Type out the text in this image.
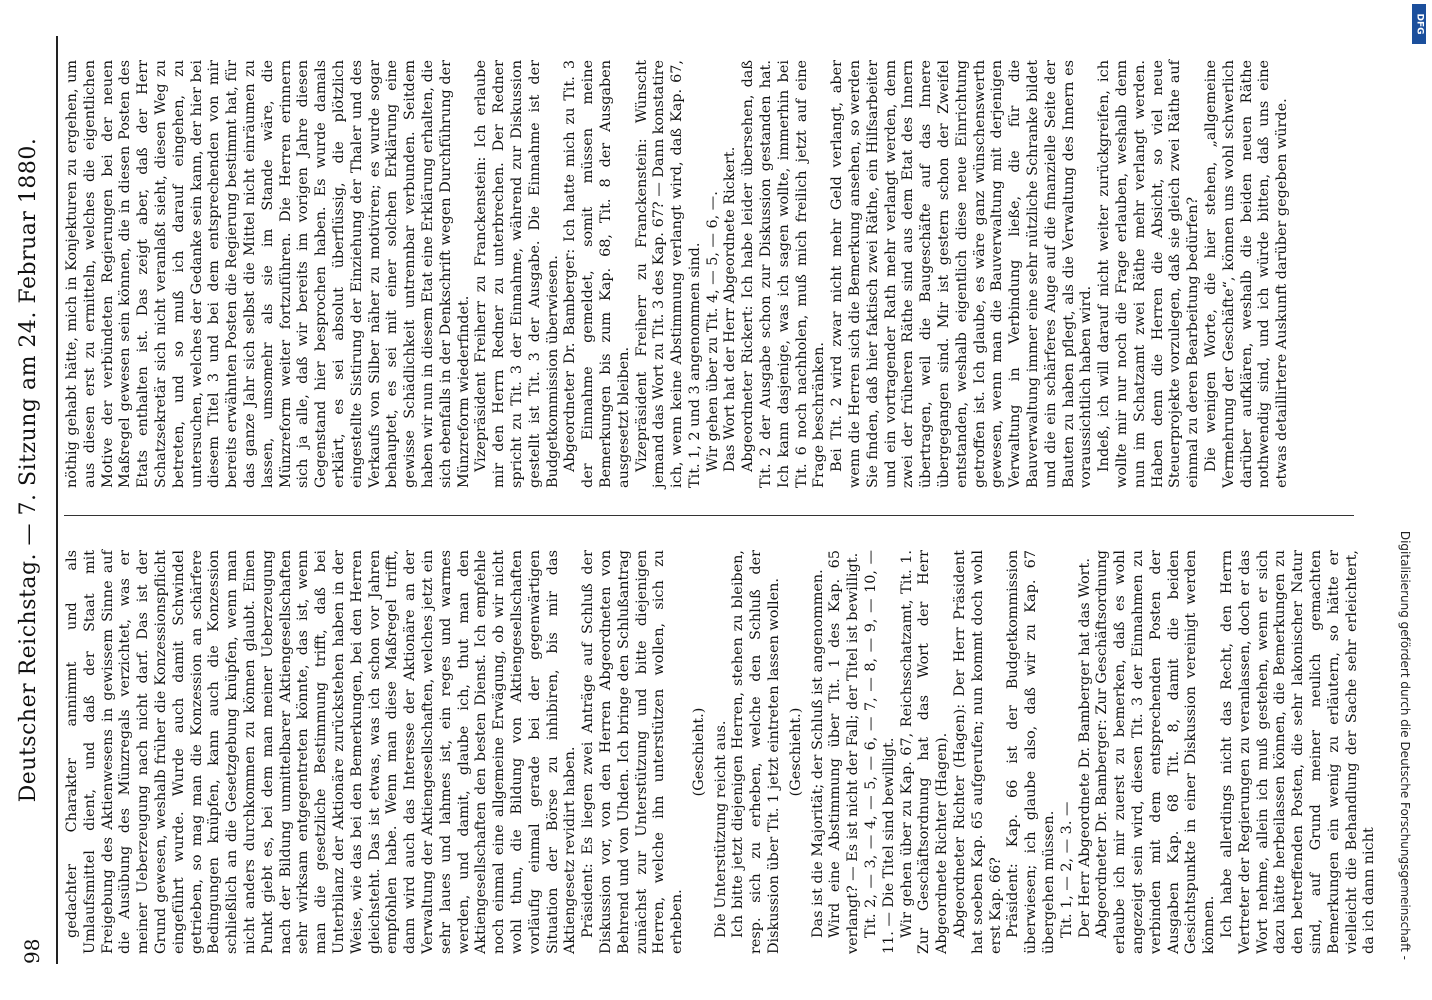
98
Deutscher Reichstag. — 7. Sitzung am 24. Februar 1880. gedachter Charakter annimmt und als Umlaufsmittel dient, und daß der Staat mit Freigebung des Aktienwesens in gewissem Sinne auf die Ausübung des Münzregals verzichtet, was er meiner Ueberzeugung nach nicht darf. Das ist der Grund gewesen, weshalb früher die Konzessionspflicht eingeführt wurde. Wurde auch damit Schwindel getrieben, so mag man die Konzession an schärfere Bedingungen knüpfen, kann auch die Konzession schließlich an die Gesetzgebung knüpfen, wenn man nicht anders durchkommen zu können glaubt. Einen Punkt giebt es, bei dem man meiner Ueberzeugung nach der Bildung unmittelbarer Aktiengesellschaften sehr wirksam entgegentreten könnte, das ist, wenn man die gesetzliche Bestimmung trifft, daß bei Unterbilanz der Aktionäre zurückstehen haben in der Weise, wie das bei den Bemerkungen, bei den Herren gleichsteht. Das ist etwas, was ich schon vor Jahren empfohlen habe. Wenn man diese Maßregel trifft, dann wird auch das Interesse der Aktionäre an der Verwaltung der Aktiengesellschaften, welches jetzt ein sehr laues und lahmes ist, ein reges und warmes werden, und damit, glaube ich, thut man den Aktiengesellschaften den besten Dienst. Ich empfehle noch einmal eine allgemeine Erwägung, ob wir nicht wohl thun, die Bildung von Aktiengesellschaften vorläufig einmal gerade bei der gegenwärtigen Situation der Börse zu inhibiren, bis mir das Aktiengesetz revidirt haben. Präsident: Es liegen zwei Anträge auf Schluß der Diskussion vor, von den Herren Abgeordneten von Behrend und von Uhden. Ich bringe den Schlußantrag zunächst zur Unterstützung und bitte diejenigen Herren, welche ihn unterstützen wollen, sich zu erheben.

(Geschieht.) Die Unterstützung reicht aus. Ich bitte jetzt diejenigen Herren, stehen zu bleiben, resp. sich zu erheben, welche den Schluß der Diskussion über Tit. 1 jetzt eintreten lassen wollen. (Geschieht.) Das ist die Majorität; der Schluß ist angenommen. Wird eine Abstimmung über Tit. 1 des Kap. 65 verlangt? — Es ist nicht der Fall; der Titel ist bewilligt. Tit. 2, — 3, — 4, — 5, — 6, — 7, — 8, — 9, — 10, — 11. — Die Titel sind bewilligt. Wir gehen über zu Kap. 67, Reichsschatzamt, Tit. 1. Zur Geschäftsordnung hat das Wort der Herr Abgeordnete Richter (Hagen). Abgeordneter Richter (Hagen): Der Herr Präsident hat soeben Kap. 65 aufgerufen; nun kommt doch wohl erst Kap. 66? Präsident: Kap. 66 ist der Budgetkommission überwiesen; ich glaube also, daß wir zu Kap. 67 übergehen müssen. Tit. 1, — 2, — 3. — Der Herr Abgeordnete Dr. Bamberger hat das Wort. Abgeordneter Dr. Bamberger: Zur Geschäftsordnung erlaube ich mir zuerst zu bemerken, daß es wohl angezeigt sein wird, diesen Tit. 3 der Einnahmen zu verbinden mit dem entsprechenden Posten der Ausgaben Kap. 68 Tit. 8, damit die beiden Gesichtspunkte in einer Diskussion vereinigt werden können. Ich habe allerdings nicht das Recht, den Herrn Vertreter der Regierungen zu veranlassen, doch er das Wort nehme, allein ich muß gestehen, wenn er sich dazu hätte herbeilassen können, die Bemerkungen zu den betreffenden Posten, die sehr lakonischer Natur sind, auf Grund meiner neulich gemachten Bemerkungen ein wenig zu erläutern, so hätte er vielleicht die Behandlung der Sache sehr erleichtert, da ich dann nicht

nöthig gehabt hätte, mich in Konjekturen zu ergehen, um aus diesen erst zu ermitteln, welches die eigentlichen Motive der verbündeten Regierungen bei der neuen Maßregel gewesen sein können, die in diesen Posten des Etats enthalten ist. Das zeigt aber, daß der Herr Schatzsekretär sich nicht veranlaßt sieht, diesen Weg zu betreten, und so muß ich darauf eingehen, zu untersuchen, welches der Gedanke sein kann, der hier bei diesem Titel 3 und bei dem entsprechenden von mir bereits erwähnten Posten die Regierung bestimmt hat, für das ganze Jahr sich selbst die Mittel nicht einräumen zu lassen, umsomehr als sie im Stande wäre, die Münzreform weiter fortzuführen. Die Herren erinnern sich ja alle, daß wir bereits im vorigen Jahre diesen Gegenstand hier besprochen haben. Es wurde damals erklärt, es sei absolut überflüssig, die plötzlich eingestellte Sistirung der Einziehung der Thaler und des Verkaufs von Silber näher zu motiviren; es wurde sogar behauptet, es sei mit einer solchen Erklärung eine gewisse Schädlichkeit untrennbar verbunden. Seitdem haben wir nun in diesem Etat eine Erklärung erhalten, die sich ebenfalls in der Denkschrift wegen Durchführung der Münzreform wiederfindet. Vizepräsident Freiherr zu Franckenstein: Ich erlaube mir den Herrn Redner zu unterbrechen. Der Redner spricht zu Tit. 3 der Einnahme, während zur Diskussion gestellt ist Tit. 3 der Ausgabe. Die Einnahme ist der Budgetkommission überwiesen. Abgeordneter Dr. Bamberger: Ich hatte mich zu Tit. 3 der Einnahme gemeldet, somit müssen meine Bemerkungen bis zum Kap. 68, Tit. 8 der Ausgaben ausgesetzt bleiben. Vizepräsident Freiherr zu Franckenstein: Wünscht jemand das Wort zu Tit. 3 des Kap. 67? — Dann konstatire ich, wenn keine Abstimmung verlangt wird, daß Kap. 67, Tit. 1, 2 und 3 angenommen sind. Wir gehen über zu Tit. 4, — 5, — 6, —. Das Wort hat der Herr Abgeordnete Rickert. Abgeordneter Rickert: Ich habe leider übersehen, daß Tit. 2 der Ausgabe schon zur Diskussion gestanden hat. Ich kann dasjenige, was ich sagen wollte, immerhin bei Tit. 6 noch nachholen, muß mich freilich jetzt auf eine Frage beschränken. Bei Tit. 2 wird zwar nicht mehr Geld verlangt, aber wenn die Herren sich die Bemerkung ansehen, so werden Sie finden, daß hier faktisch zwei Räthe, ein Hilfsarbeiter und ein vortragender Rath mehr verlangt werden, denn zwei der früheren Räthe sind aus dem Etat des Innern übertragen, weil die Baugeschäfte auf das Innere übergegangen sind. Mir ist gestern schon der Zweifel entstanden, weshalb eigentlich diese neue Einrichtung getroffen ist. Ich glaube, es wäre ganz wünschenswerth gewesen, wenn man die Bauverwaltung mit derjenigen Verwaltung in Verbindung ließe, die für die Bauverwaltung immer eine sehr nützliche Schranke bildet und die ein schärferes Auge auf die finanzielle Seite der Bauten zu haben pflegt, als die Verwaltung des Innern es voraussichtlich haben wird. Indeß, ich will darauf nicht weiter zurückgreifen, ich wollte mir nur noch die Frage erlauben, weshalb denn nun im Schatzamt zwei Räthe mehr verlangt werden. Haben denn die Herren die Absicht, so viel neue Steuerprojekte vorzulegen, daß sie gleich zwei Räthe auf einmal zu deren Bearbeitung bedürfen? Die wenigen Worte, die hier stehen, „allgemeine Vermehrung der Geschäfte“, können uns wohl schwerlich darüber aufklären, weshalb die beiden neuen Räthe nothwendig sind, und ich würde bitten, daß uns eine etwas detaillirtere Auskunft darüber gegeben würde.

Digitalisierung gefördert durch die Deutsche Forschungsgemeinschaft -
DFG
